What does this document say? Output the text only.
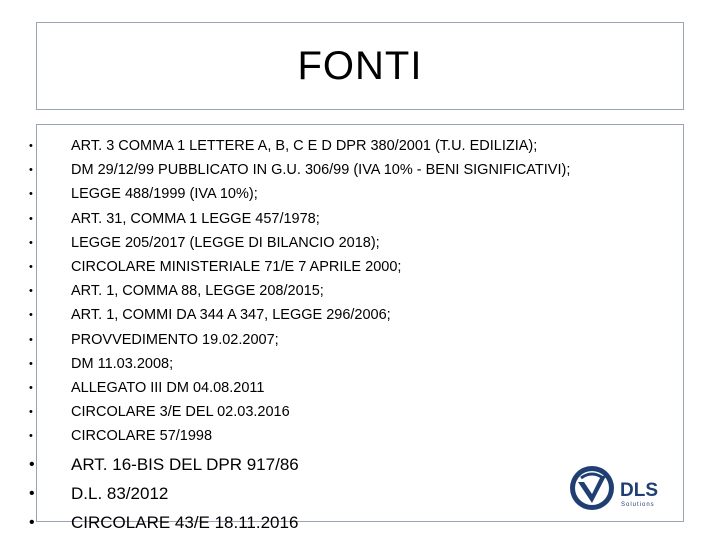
FONTI
•	ART. 3 COMMA 1 LETTERE A, B, C E D DPR 380/2001 (T.U. EDILIZIA);
•	DM 29/12/99 PUBBLICATO IN G.U. 306/99 (IVA 10% - BENI SIGNIFICATIVI);
•	LEGGE 488/1999 (IVA 10%);
•	ART. 31, COMMA 1 LEGGE 457/1978;
•	LEGGE 205/2017 (LEGGE DI BILANCIO 2018);
•	CIRCOLARE MINISTERIALE 71/E 7 APRILE 2000;
•	ART. 1, COMMA 88, LEGGE 208/2015;
•	ART. 1, COMMI DA 344 A 347, LEGGE 296/2006;
•	PROVVEDIMENTO 19.02.2007;
•	DM 11.03.2008;
•	ALLEGATO III DM 04.08.2011
•	CIRCOLARE 3/E DEL 02.03.2016
•	CIRCOLARE 57/1998
• ART. 16-BIS DEL DPR 917/86
• D.L. 83/2012
• CIRCOLARE 43/E 18.11.2016
DLS
Solutions
